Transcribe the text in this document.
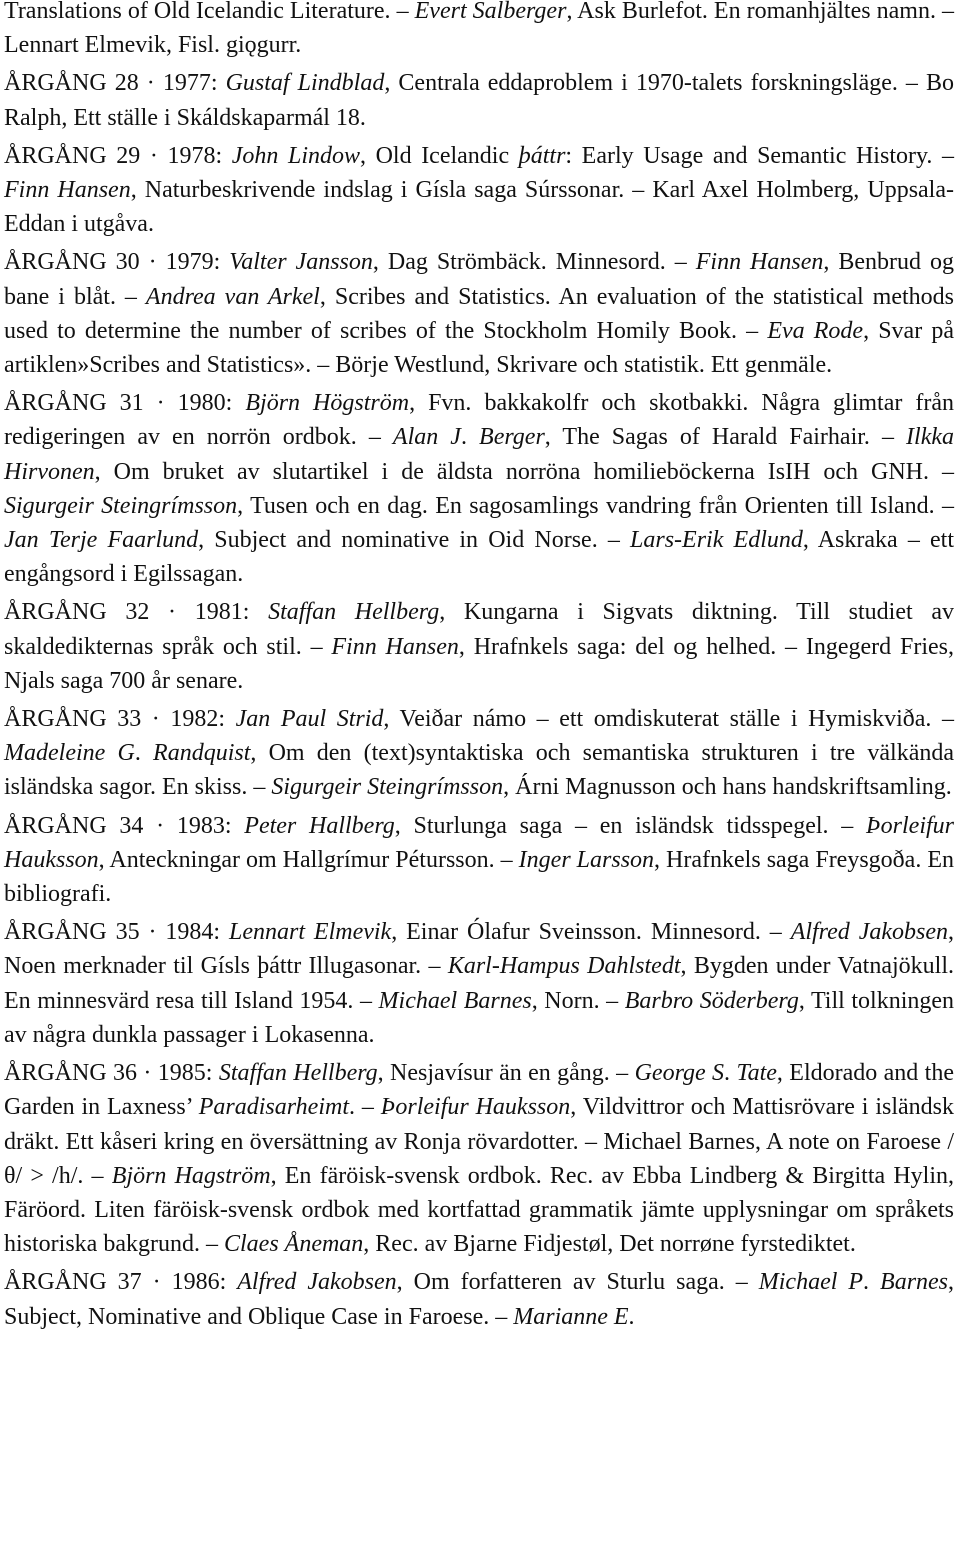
Translations of Old Icelandic Literature. – Evert Salberger, Ask Burlefot. En romanhjältes namn. – Lennart Elmevik, Fisl. giǫgurr.

ÅRGÅNG 28 · 1977: Gustaf Lindblad, Centrala eddaproblem i 1970-talets forskningsläge. – Bo Ralph, Ett ställe i Skáldskaparmál 18.

ÅRGÅNG 29 · 1978: John Lindow, Old Icelandic þáttr: Early Usage and Semantic History. – Finn Hansen, Naturbeskrivende indslag i Gísla saga Súrssonar. – Karl Axel Holmberg, Uppsala-Eddan i utgåva.

ÅRGÅNG 30 · 1979: Valter Jansson, Dag Strömbäck. Minnesord. – Finn Hansen, Benbrud og bane i blåt. – Andrea van Arkel, Scribes and Statistics. An evaluation of the statistical methods used to determine the number of scribes of the Stockholm Homily Book. – Eva Rode, Svar på artiklen»Scribes and Statistics». – Börje Westlund, Skrivare och statistik. Ett genmäle.

ÅRGÅNG 31 · 1980: Björn Högström, Fvn. bakkakolfr och skotbakki. Några glimtar från redigeringen av en norrön ordbok. – Alan J. Berger, The Sagas of Harald Fairhair. – Ilkka Hirvonen, Om bruket av slutartikel i de äldsta norröna homilieböckerna IsIH och GNH. – Sigurgeir Steingrímsson, Tusen och en dag. En sagosamlings vandring från Orienten till Island. – Jan Terje Faarlund, Subject and nominative in Oid Norse. – Lars-Erik Edlund, Askraka – ett engångsord i Egilssagan.

ÅRGÅNG 32 · 1981: Staffan Hellberg, Kungarna i Sigvats diktning. Till studiet av skaldedikternas språk och stil. – Finn Hansen, Hrafnkels saga: del og helhed. – Ingegerd Fries, Njals saga 700 år senare.

ÅRGÅNG 33 · 1982: Jan Paul Strid, Veiðar námo – ett omdiskuterat ställe i Hymiskviða. – Madeleine G. Randquist, Om den (text)syntaktiska och semantiska strukturen i tre välkända isländska sagor. En skiss. – Sigurgeir Steingrímsson, Árni Magnusson och hans handskriftsamling.

ÅRGÅNG 34 · 1983: Peter Hallberg, Sturlunga saga – en isländsk tidsspegel. – Þorleifur Hauksson, Anteckningar om Hallgrímur Pétursson. – Inger Larsson, Hrafnkels saga Freysgoða. En bibliografi.

ÅRGÅNG 35 · 1984: Lennart Elmevik, Einar Ólafur Sveinsson. Minnesord. – Alfred Jakobsen, Noen merknader til Gísls þáttr Illugasonar. – Karl-Hampus Dahlstedt, Bygden under Vatnajökull. En minnesvärd resa till Island 1954. – Michael Barnes, Norn. – Barbro Söderberg, Till tolkningen av några dunkla passager i Lokasenna.

ÅRGÅNG 36 · 1985: Staffan Hellberg, Nesjavísur än en gång. – George S. Tate, Eldorado and the Garden in Laxness’ Paradisarheimt. – Þorleifur Hauksson, Vildvittror och Mattisrövare i isländsk dräkt. Ett kåseri kring en översättning av Ronja rövardotter. – Michael Barnes, A note on Faroese /θ/ > /h/. – Björn Hagström, En färöisk-svensk ordbok. Rec. av Ebba Lindberg & Birgitta Hylin, Färöord. Liten färöisk-svensk ordbok med kortfattad grammatik jämte upplysningar om språkets historiska bakgrund. – Claes Åneman, Rec. av Bjarne Fidjestøl, Det norrøne fyrstediktet.

ÅRGÅNG 37 · 1986: Alfred Jakobsen, Om forfatteren av Sturlu saga. – Michael P. Barnes, Subject, Nominative and Oblique Case in Faroese. – Marianne E.
